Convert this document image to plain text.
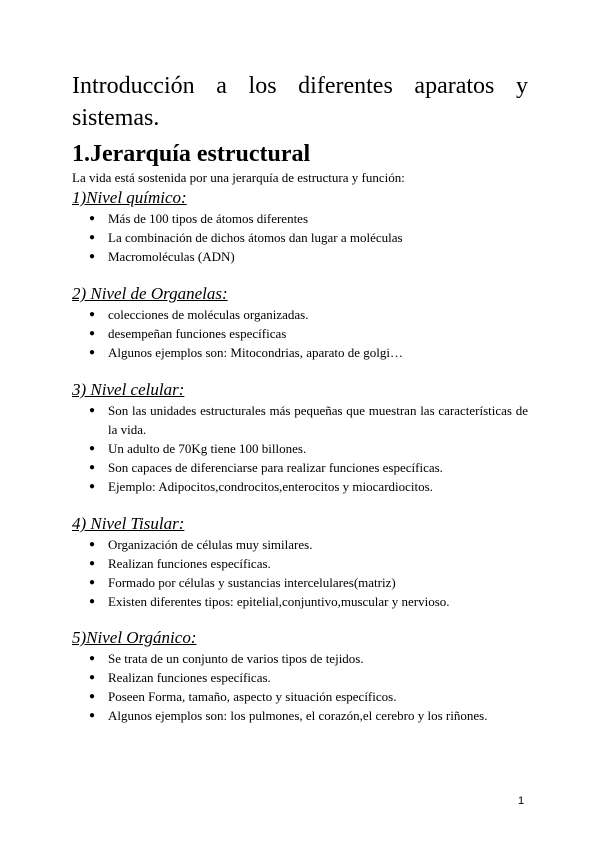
Introducción a los diferentes aparatos y
sistemas.
1.Jerarquía estructural
La vida está sostenida por una jerarquía de estructura y función:
1)Nivel químico:
● Más de 100 tipos de átomos diferentes
● La combinación de dichos átomos dan lugar a moléculas
● Macromoléculas (ADN)
2) Nivel de Organelas:
● colecciones de moléculas organizadas.
● desempeñan funciones específicas
● Algunos ejemplos son: Mitocondrias, aparato de golgi…
3) Nivel celular:
● Son las unidades estructurales más pequeñas que muestran las características de la vida.
● Un adulto de 70Kg tiene 100 billones.
● Son capaces de diferenciarse para realizar funciones específicas.
● Ejemplo: Adipocitos,condrocitos,enterocitos y miocardiocitos.
4) Nivel Tisular:
● Organización de células muy similares.
● Realizan funciones específicas.
● Formado por células y sustancias intercelulares(matriz)
● Existen diferentes tipos: epitelial,conjuntivo,muscular y nervioso.
5)Nivel Orgánico:
● Se trata de un conjunto de varios tipos de tejidos.
● Realizan funciones específicas.
● Poseen Forma, tamaño, aspecto y situación específicos.
● Algunos ejemplos son: los pulmones, el corazón,el cerebro y los riñones.
1
